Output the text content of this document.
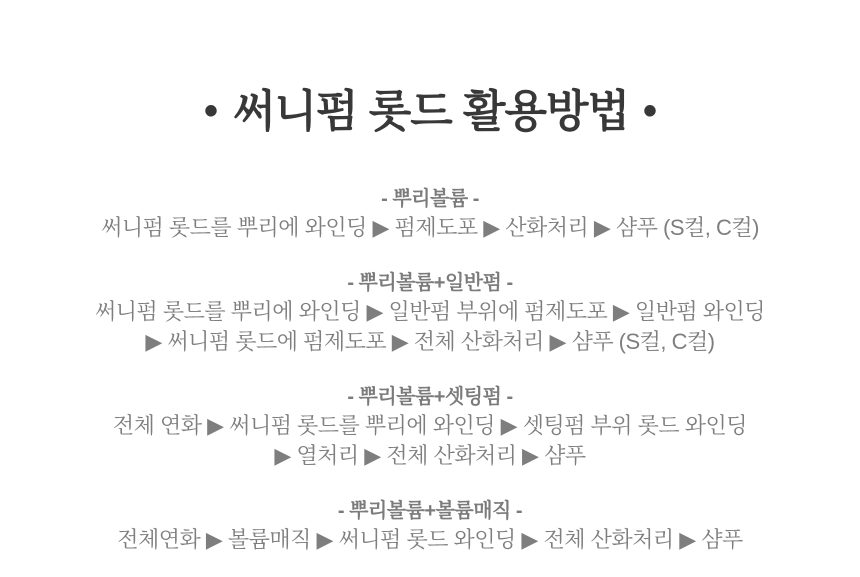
• 써니펌 롯드 활용방법 •
- 뿌리볼륨 -
써니펌 롯드를 뿌리에 와인딩 ▶ 펌제도포 ▶ 산화처리 ▶ 샴푸 (S컬, C컬)
- 뿌리볼륨+일반펌 -
써니펌 롯드를 뿌리에 와인딩 ▶ 일반펌 부위에 펌제도포 ▶ 일반펌 와인딩
▶ 써니펌 롯드에 펌제도포 ▶ 전체 산화처리 ▶ 샴푸 (S컬, C컬)
- 뿌리볼륨+셋팅펌 -
전체 연화 ▶ 써니펌 롯드를 뿌리에 와인딩 ▶ 셋팅펌 부위 롯드 와인딩
▶ 열처리 ▶ 전체 산화처리 ▶ 샴푸
- 뿌리볼륨+볼륨매직 -
전체연화 ▶ 볼륨매직 ▶ 써니펌 롯드 와인딩 ▶ 전체 산화처리 ▶ 샴푸
